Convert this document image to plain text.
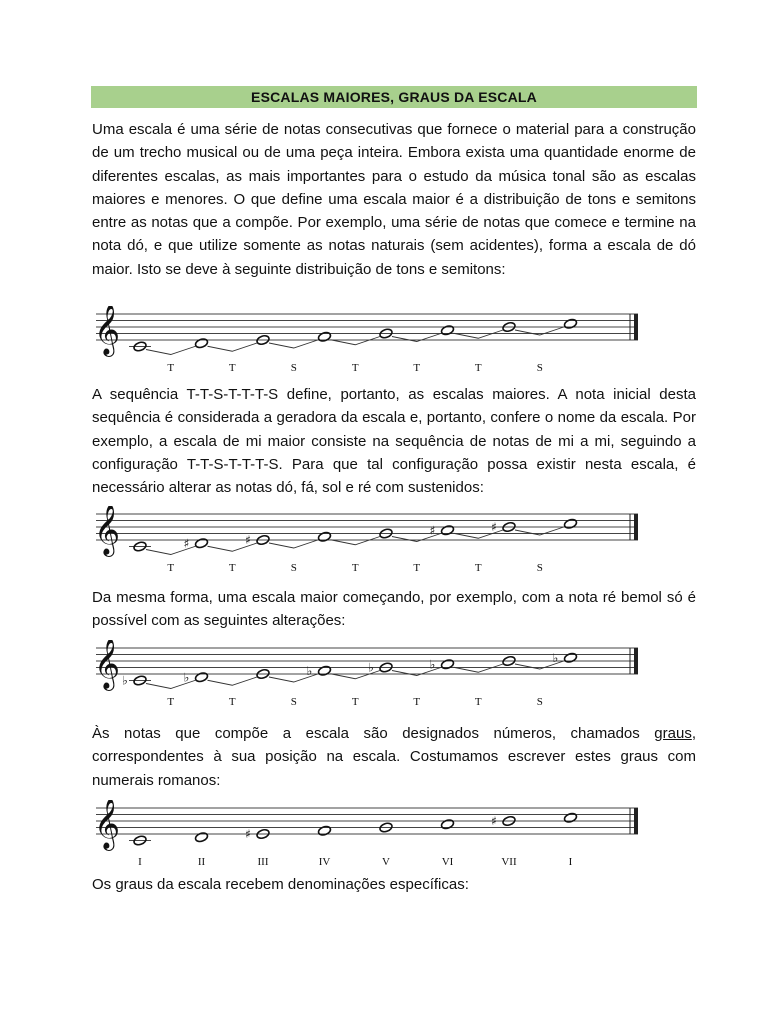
ESCALAS MAIORES, GRAUS DA ESCALA

Uma escala é uma série de notas consecutivas que fornece o material para a construção de um trecho musical ou de uma peça inteira. Embora exista uma quantidade enorme de diferentes escalas, as mais importantes para o estudo da música tonal são as escalas maiores e menores. O que define uma escala maior é a distribuição de tons e semitons entre as notas que a compõe. Por exemplo, uma série de notas que comece e termine na nota dó, e que utilize somente as notas naturais (sem acidentes), forma a escala de dó maior. Isto se deve à seguinte distribuição de tons e semitons:

𝄞
T	T	S	T	T	T	S

A sequência T-T-S-T-T-T-S define, portanto, as escalas maiores. A nota inicial desta sequência é considerada a geradora da escala e, portanto, confere o nome da escala. Por exemplo, a escala de mi maior consiste na sequência de notas de mi a mi, seguindo a configuração T-T-S-T-T-T-S. Para que tal configuração possa existir nesta escala, é necessário alterar as notas dó, fá, sol e ré com sustenidos:

𝄞	♯	♯
♯	♯
T	T	S	T	T	T	S

Da mesma forma, uma escala maior começando, por exemplo, com a nota ré bemol só é possível com as seguintes alterações:

𝄞 ♭	♭	♭	♭	♭	♭
T	T	S	T	T	T	S

Às notas que compõe a escala são designados números, chamados graus, correspondentes à sua posição na escala. Costumamos escrever estes graus com numerais romanos:

𝄞	♯
♯
I	II	III	IV	V	VI	VII	I

Os graus da escala recebem denominações específicas:
